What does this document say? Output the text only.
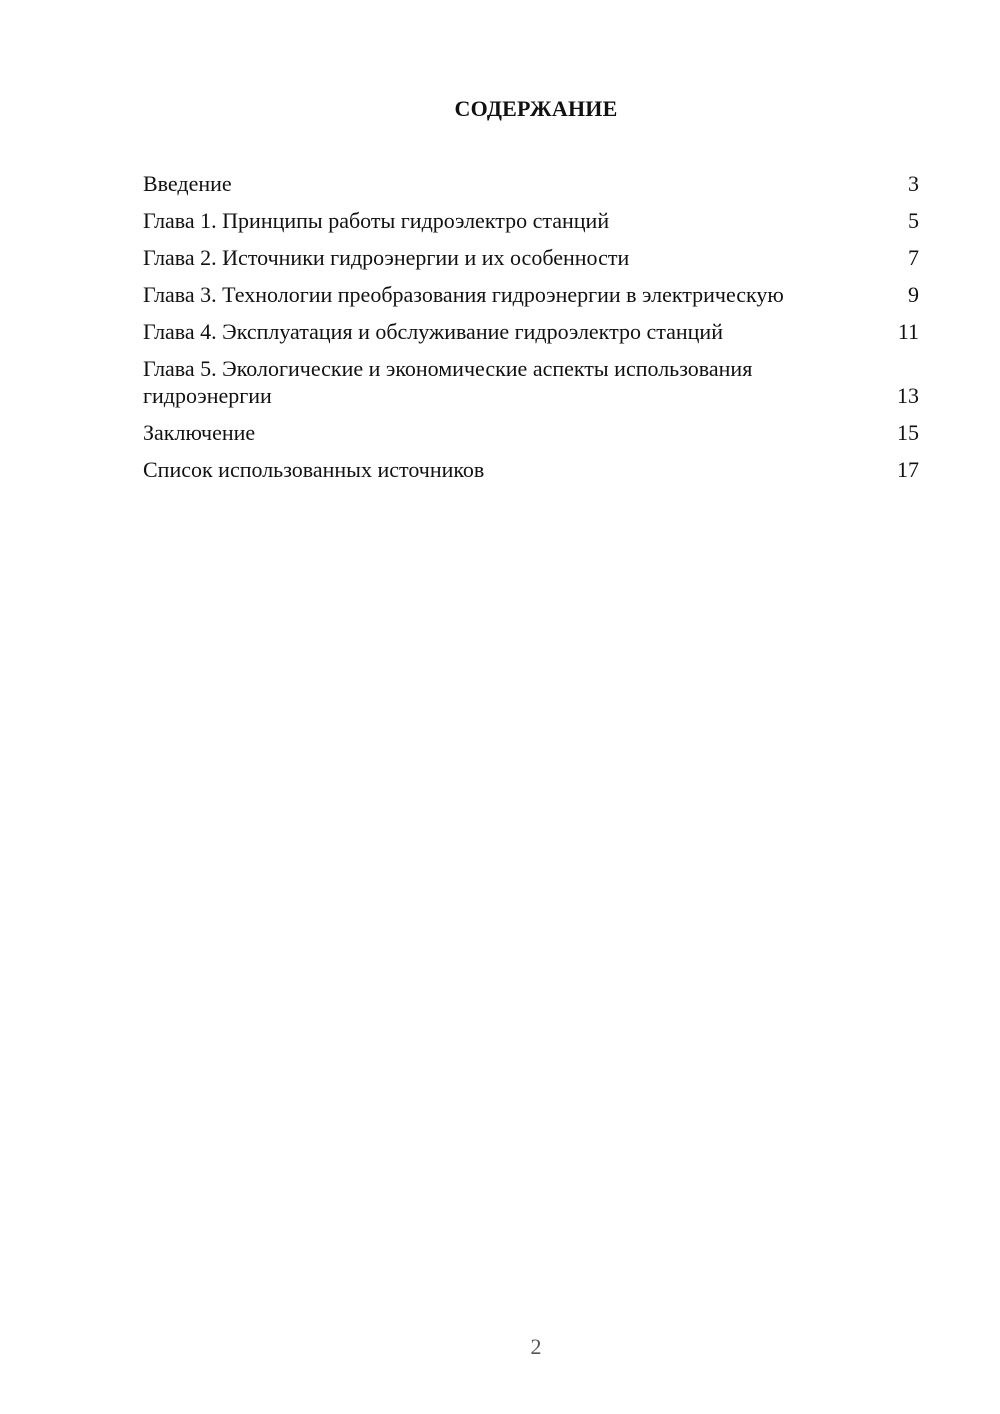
СОДЕРЖАНИЕ
Введение	3
Глава 1. Принципы работы гидроэлектро станций	5
Глава 2. Источники гидроэнергии и их особенности	7
Глава 3. Технологии преобразования гидроэнергии в электрическую	9
Глава 4. Эксплуатация и обслуживание гидроэлектро станций	11
Глава 5. Экологические и экономические аспекты использования гидроэнергии	13
Заключение	15
Список использованных источников	17
2
